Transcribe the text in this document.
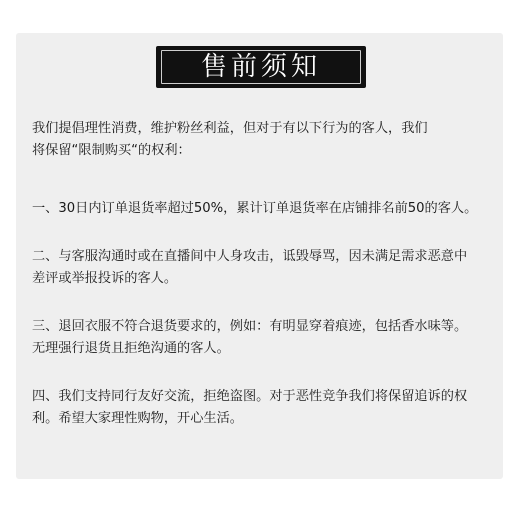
售前须知
我们提倡理性消费，维护粉丝利益，但对于有以下行为的客人，我们
将保留“限制购买“的权利：
一、30日内订单退货率超过50%，累计订单退货率在店铺排名前50的客人。
二、与客服沟通时或在直播间中人身攻击，诋毁辱骂，因未满足需求恶意中
差评或举报投诉的客人。
三、退回衣服不符合退货要求的，例如：有明显穿着痕迹，包括香水味等。
无理强行退货且拒绝沟通的客人。
四、我们支持同行友好交流，拒绝盗图。对于恶性竞争我们将保留追诉的权
利。希望大家理性购物，开心生活。
